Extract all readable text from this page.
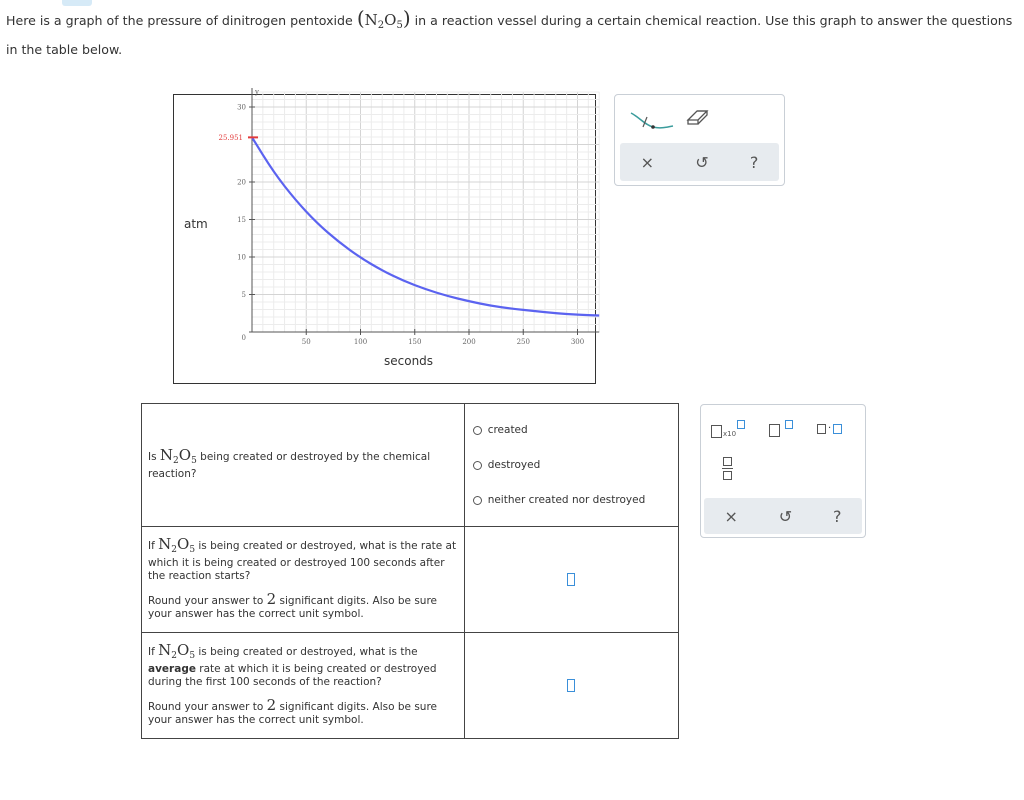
Here is a graph of the pressure of dinitrogen pentoxide $(N_2O_5)$ in a reaction vessel during a certain chemical reaction. Use this graph to answer the questions in the table below.
atm
seconds
y
50	100	150	200	250	300
0
5
10
15
20
30
25.951
×	↺	?
Is $N_2O_5$ being created or destroyed by the chemical reaction?	created
destroyed
neither created nor destroyed

If $N_2O_5$ is being created or destroyed, what is the rate at which it is being created or destroyed 100 seconds after the reaction starts?
Round your answer to 2 significant digits. Also be sure your answer has the correct unit symbol.	

If $N_2O_5$ is being created or destroyed, what is the average rate at which it is being created or destroyed during the first 100 seconds of the reaction?
Round your answer to 2 significant digits. Also be sure your answer has the correct unit symbol.	

x10
	·
×	↺	?
